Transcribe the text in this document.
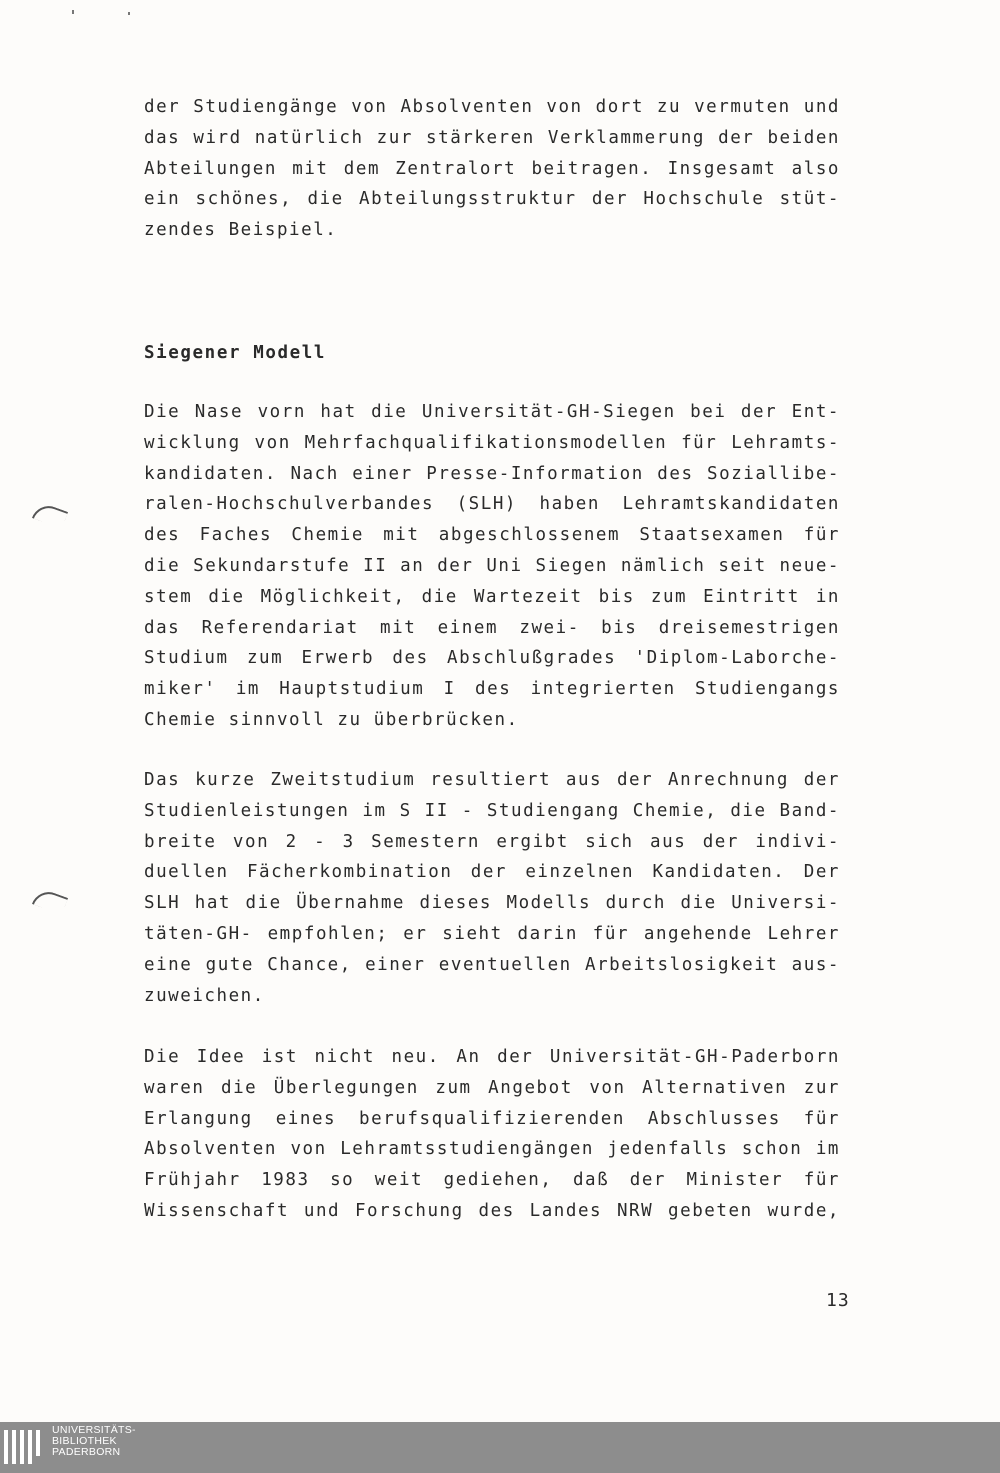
der Studiengänge von Absolventen von dort zu vermuten und
das wird natürlich zur stärkeren Verklammerung der beiden
Abteilungen mit dem Zentralort beitragen. Insgesamt also
ein schönes, die Abteilungsstruktur der Hochschule stüt-
zendes Beispiel.
Siegener Modell
Die Nase vorn hat die Universität-GH-Siegen bei der Ent-
wicklung von Mehrfachqualifikationsmodellen für Lehramts-
kandidaten. Nach einer Presse-Information des Soziallibe-
ralen-Hochschulverbandes (SLH) haben Lehramtskandidaten
des Faches Chemie mit abgeschlossenem Staatsexamen für
die Sekundarstufe II an der Uni Siegen nämlich seit neue-
stem die Möglichkeit, die Wartezeit bis zum Eintritt in
das Referendariat mit einem zwei- bis dreisemestrigen
Studium zum Erwerb des Abschlußgrades 'Diplom-Laborche-
miker' im Hauptstudium I des integrierten Studiengangs
Chemie sinnvoll zu überbrücken.
Das kurze Zweitstudium resultiert aus der Anrechnung der
Studienleistungen im S II - Studiengang Chemie, die Band-
breite von 2 - 3 Semestern ergibt sich aus der indivi-
duellen Fächerkombination der einzelnen Kandidaten. Der
SLH hat die Übernahme dieses Modells durch die Universi-
täten-GH- empfohlen; er sieht darin für angehende Lehrer
eine gute Chance, einer eventuellen Arbeitslosigkeit aus-
zuweichen.
Die Idee ist nicht neu. An der Universität-GH-Paderborn
waren die Überlegungen zum Angebot von Alternativen zur
Erlangung eines berufsqualifizierenden Abschlusses für
Absolventen von Lehramtsstudiengängen jedenfalls schon im
Frühjahr 1983 so weit gediehen, daß der Minister für
Wissenschaft und Forschung des Landes NRW gebeten wurde,
13
UNIVERSITÄTS-
BIBLIOTHEK
PADERBORN
